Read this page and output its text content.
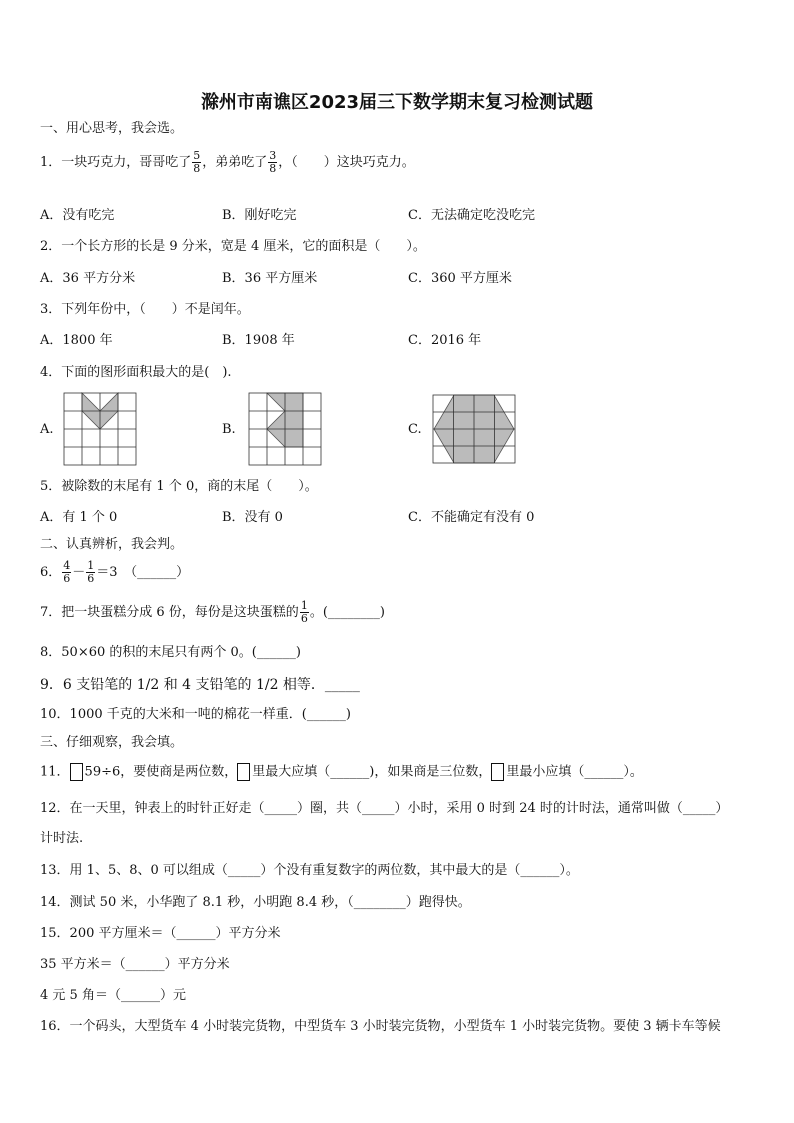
滁州市南谯区2023届三下数学期末复习检测试题
一、用心思考，我会选。
1．一块巧克力，哥哥吃了 $\frac{5}{8}$ ，弟弟吃了 $\frac{3}{8}$ ，（　　）这块巧克力。
A．没有吃完	B．刚好吃完	C．无法确定吃没吃完
2．一个长方形的长是 9 分米，宽是 4 厘米，它的面积是（　　）。
A．36 平方分米	B．36 平方厘米	C．360 平方厘米
3．下列年份中，（　　）不是闰年。
A．1800 年	B．1908 年	C．2016 年
4．下面的图形面积最大的是(　).
A.	B.	C.
5．被除数的末尾有 1 个 0，商的末尾（　　）。
A．有 1 个 0	B．没有 0	C．不能确定有没有 0
二、认真辨析，我会判。
6． $\frac{4}{6} - \frac{1}{6} =3$　（______）
7．把一块蛋糕分成 6 份，每份是这块蛋糕的 $\frac{1}{6}$ 。(________)
8．50×60 的积的末尾只有两个 0。(______)
9．6 支铅笔的 1/2 和 4 支铅笔的 1/2 相等．_____
10．1000 千克的大米和一吨的棉花一样重．(______)
三、仔细观察，我会填。
11． 59÷6，要使商是两位数， 里最大应填（______)，如果商是三位数， 里最小应填（______）。
12．在一天里，钟表上的时针正好走（_____）圈，共（_____）小时，采用 0 时到 24 时的计时法，通常叫做（_____）
计时法.
13．用 1、5、8、0 可以组成（_____）个没有重复数字的两位数，其中最大的是（______）。
14．测试 50 米，小华跑了 8.1 秒，小明跑 8.4 秒，（________）跑得快。
15．200 平方厘米＝（______）平方分米
35 平方米＝（______）平方分米
4 元 5 角＝（______）元
16．一个码头，大型货车 4 小时装完货物，中型货车 3 小时装完货物，小型货车 1 小时装完货物。要使 3 辆卡车等候
